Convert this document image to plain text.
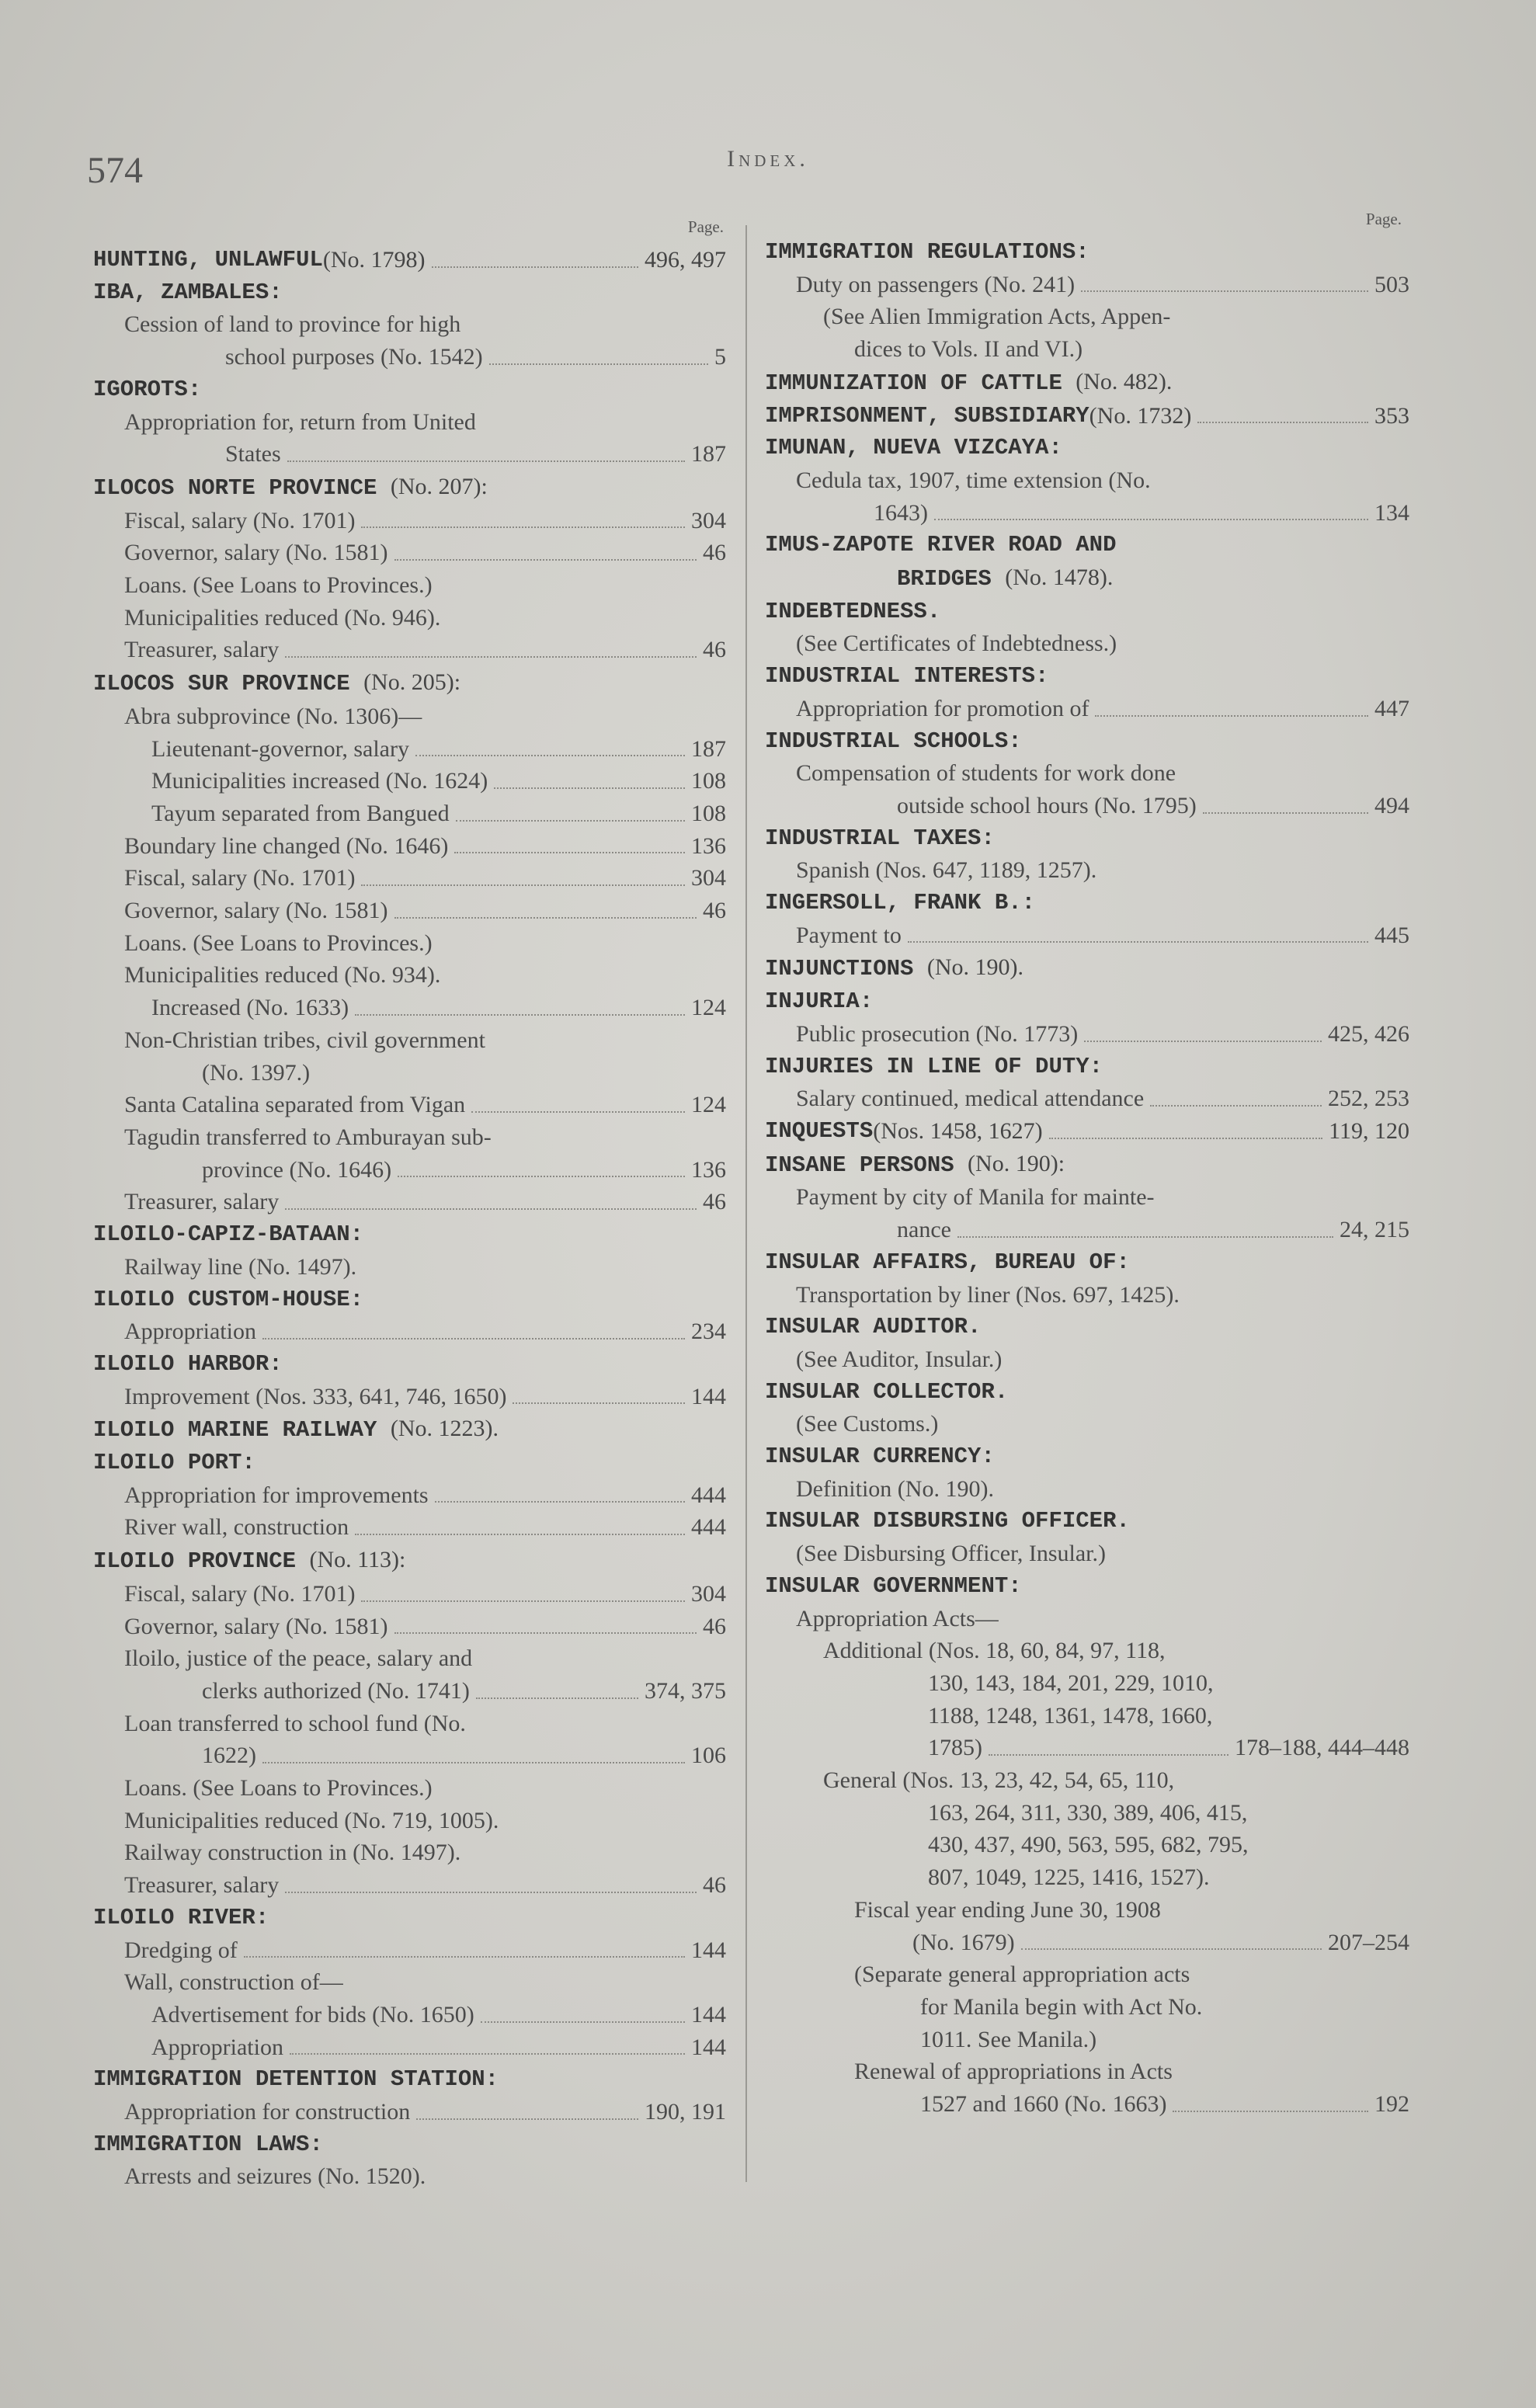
574	Index.
Page.
HUNTING, UNLAWFUL (No. 1798)	496, 497
IBA, ZAMBALES:
Cession of land to province for high
school purposes (No. 1542)	5
IGOROTS:
Appropriation for, return from United
States	187
ILOCOS NORTE PROVINCE (No. 207):
Fiscal, salary (No. 1701)	304
Governor, salary (No. 1581)	46
Loans. (See Loans to Provinces.)
Municipalities reduced (No. 946).
Treasurer, salary	46
ILOCOS SUR PROVINCE (No. 205):
Abra subprovince (No. 1306)—
Lieutenant-governor, salary	187
Municipalities increased (No. 1624)	108
Tayum separated from Bangued	108
Boundary line changed (No. 1646)	136
Fiscal, salary (No. 1701)	304
Governor, salary (No. 1581)	46
Loans. (See Loans to Provinces.)
Municipalities reduced (No. 934).
Increased (No. 1633)	124
Non-Christian tribes, civil government
(No. 1397.)
Santa Catalina separated from Vigan	124
Tagudin transferred to Amburayan sub-
province (No. 1646)	136
Treasurer, salary	46
ILOILO-CAPIZ-BATAAN:
Railway line (No. 1497).
ILOILO CUSTOM-HOUSE:
Appropriation	234
ILOILO HARBOR:
Improvement (Nos. 333, 641, 746, 1650)	144
ILOILO MARINE RAILWAY (No. 1223).
ILOILO PORT:
Appropriation for improvements	444
River wall, construction	444
ILOILO PROVINCE (No. 113):
Fiscal, salary (No. 1701)	304
Governor, salary (No. 1581)	46
Iloilo, justice of the peace, salary and
clerks authorized (No. 1741)	374, 375
Loan transferred to school fund (No.
1622)	106
Loans. (See Loans to Provinces.)
Municipalities reduced (No. 719, 1005).
Railway construction in (No. 1497).
Treasurer, salary	46
ILOILO RIVER:
Dredging of	144
Wall, construction of—
Advertisement for bids (No. 1650)	144
Appropriation	144
IMMIGRATION DETENTION STATION:
Appropriation for construction	190, 191
IMMIGRATION LAWS:
Arrests and seizures (No. 1520).
Page.
IMMIGRATION REGULATIONS:
Duty on passengers (No. 241)	503
(See Alien Immigration Acts, Appen-
dices to Vols. II and VI.)
IMMUNIZATION OF CATTLE (No. 482).
IMPRISONMENT, SUBSIDIARY (No. 1732)	353
IMUNAN, NUEVA VIZCAYA:
Cedula tax, 1907, time extension (No.
1643)	134
IMUS-ZAPOTE RIVER ROAD AND
BRIDGES (No. 1478).
INDEBTEDNESS.
(See Certificates of Indebtedness.)
INDUSTRIAL INTERESTS:
Appropriation for promotion of	447
INDUSTRIAL SCHOOLS:
Compensation of students for work done
outside school hours (No. 1795)	494
INDUSTRIAL TAXES:
Spanish (Nos. 647, 1189, 1257).
INGERSOLL, FRANK B.:
Payment to	445
INJUNCTIONS (No. 190).
INJURIA:
Public prosecution (No. 1773)	425, 426
INJURIES IN LINE OF DUTY:
Salary continued, medical attendance	252, 253
INQUESTS (Nos. 1458, 1627)	119, 120
INSANE PERSONS (No. 190):
Payment by city of Manila for mainte-
nance	24, 215
INSULAR AFFAIRS, BUREAU OF:
Transportation by liner (Nos. 697, 1425).
INSULAR AUDITOR.
(See Auditor, Insular.)
INSULAR COLLECTOR.
(See Customs.)
INSULAR CURRENCY:
Definition (No. 190).
INSULAR DISBURSING OFFICER.
(See Disbursing Officer, Insular.)
INSULAR GOVERNMENT:
Appropriation Acts—
Additional (Nos. 18, 60, 84, 97, 118,
130, 143, 184, 201, 229, 1010,
1188, 1248, 1361, 1478, 1660,
1785)	178–188, 444–448
General (Nos. 13, 23, 42, 54, 65, 110,
163, 264, 311, 330, 389, 406, 415,
430, 437, 490, 563, 595, 682, 795,
807, 1049, 1225, 1416, 1527).
Fiscal year ending June 30, 1908
(No. 1679)	207–254
(Separate general appropriation acts
for Manila begin with Act No.
1011. See Manila.)
Renewal of appropriations in Acts
1527 and 1660 (No. 1663)	192
